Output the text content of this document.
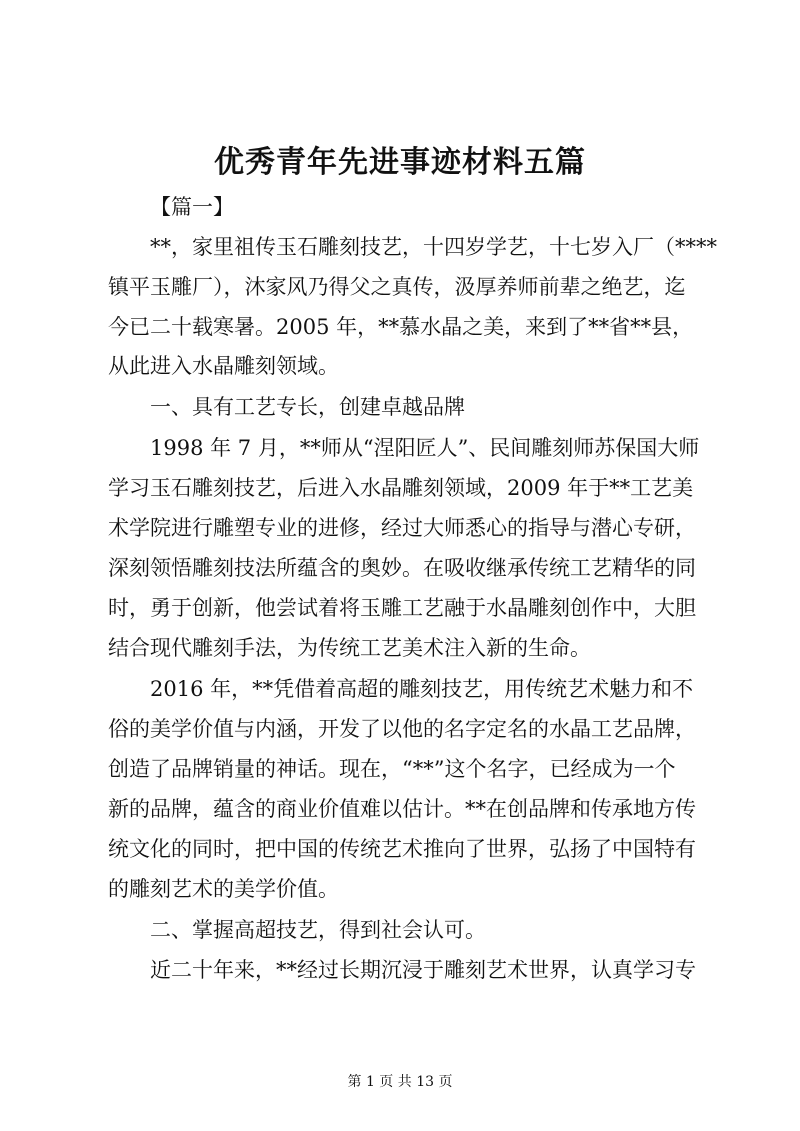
优秀青年先进事迹材料五篇
【篇一】
**，家里祖传玉石雕刻技艺，十四岁学艺，十七岁入厂（****
镇平玉雕厂），沐家风乃得父之真传，汲厚养师前辈之绝艺，迄
今已二十载寒暑。2005 年，**慕水晶之美，来到了**省**县，
从此进入水晶雕刻领域。
一、具有工艺专长，创建卓越品牌
1998 年 7 月，**师从“涅阳匠人”、民间雕刻师苏保国大师
学习玉石雕刻技艺，后进入水晶雕刻领域，2009 年于**工艺美
术学院进行雕塑专业的进修，经过大师悉心的指导与潜心专研，
深刻领悟雕刻技法所蕴含的奥妙。在吸收继承传统工艺精华的同
时，勇于创新，他尝试着将玉雕工艺融于水晶雕刻创作中，大胆
结合现代雕刻手法，为传统工艺美术注入新的生命。
2016 年，**凭借着高超的雕刻技艺，用传统艺术魅力和不
俗的美学价值与内涵，开发了以他的名字定名的水晶工艺品牌，
创造了品牌销量的神话。现在，“**”这个名字，已经成为一个
新的品牌，蕴含的商业价值难以估计。**在创品牌和传承地方传
统文化的同时，把中国的传统艺术推向了世界，弘扬了中国特有
的雕刻艺术的美学价值。
二、掌握高超技艺，得到社会认可。
近二十年来，**经过长期沉浸于雕刻艺术世界，认真学习专
第 1 页 共 13 页
